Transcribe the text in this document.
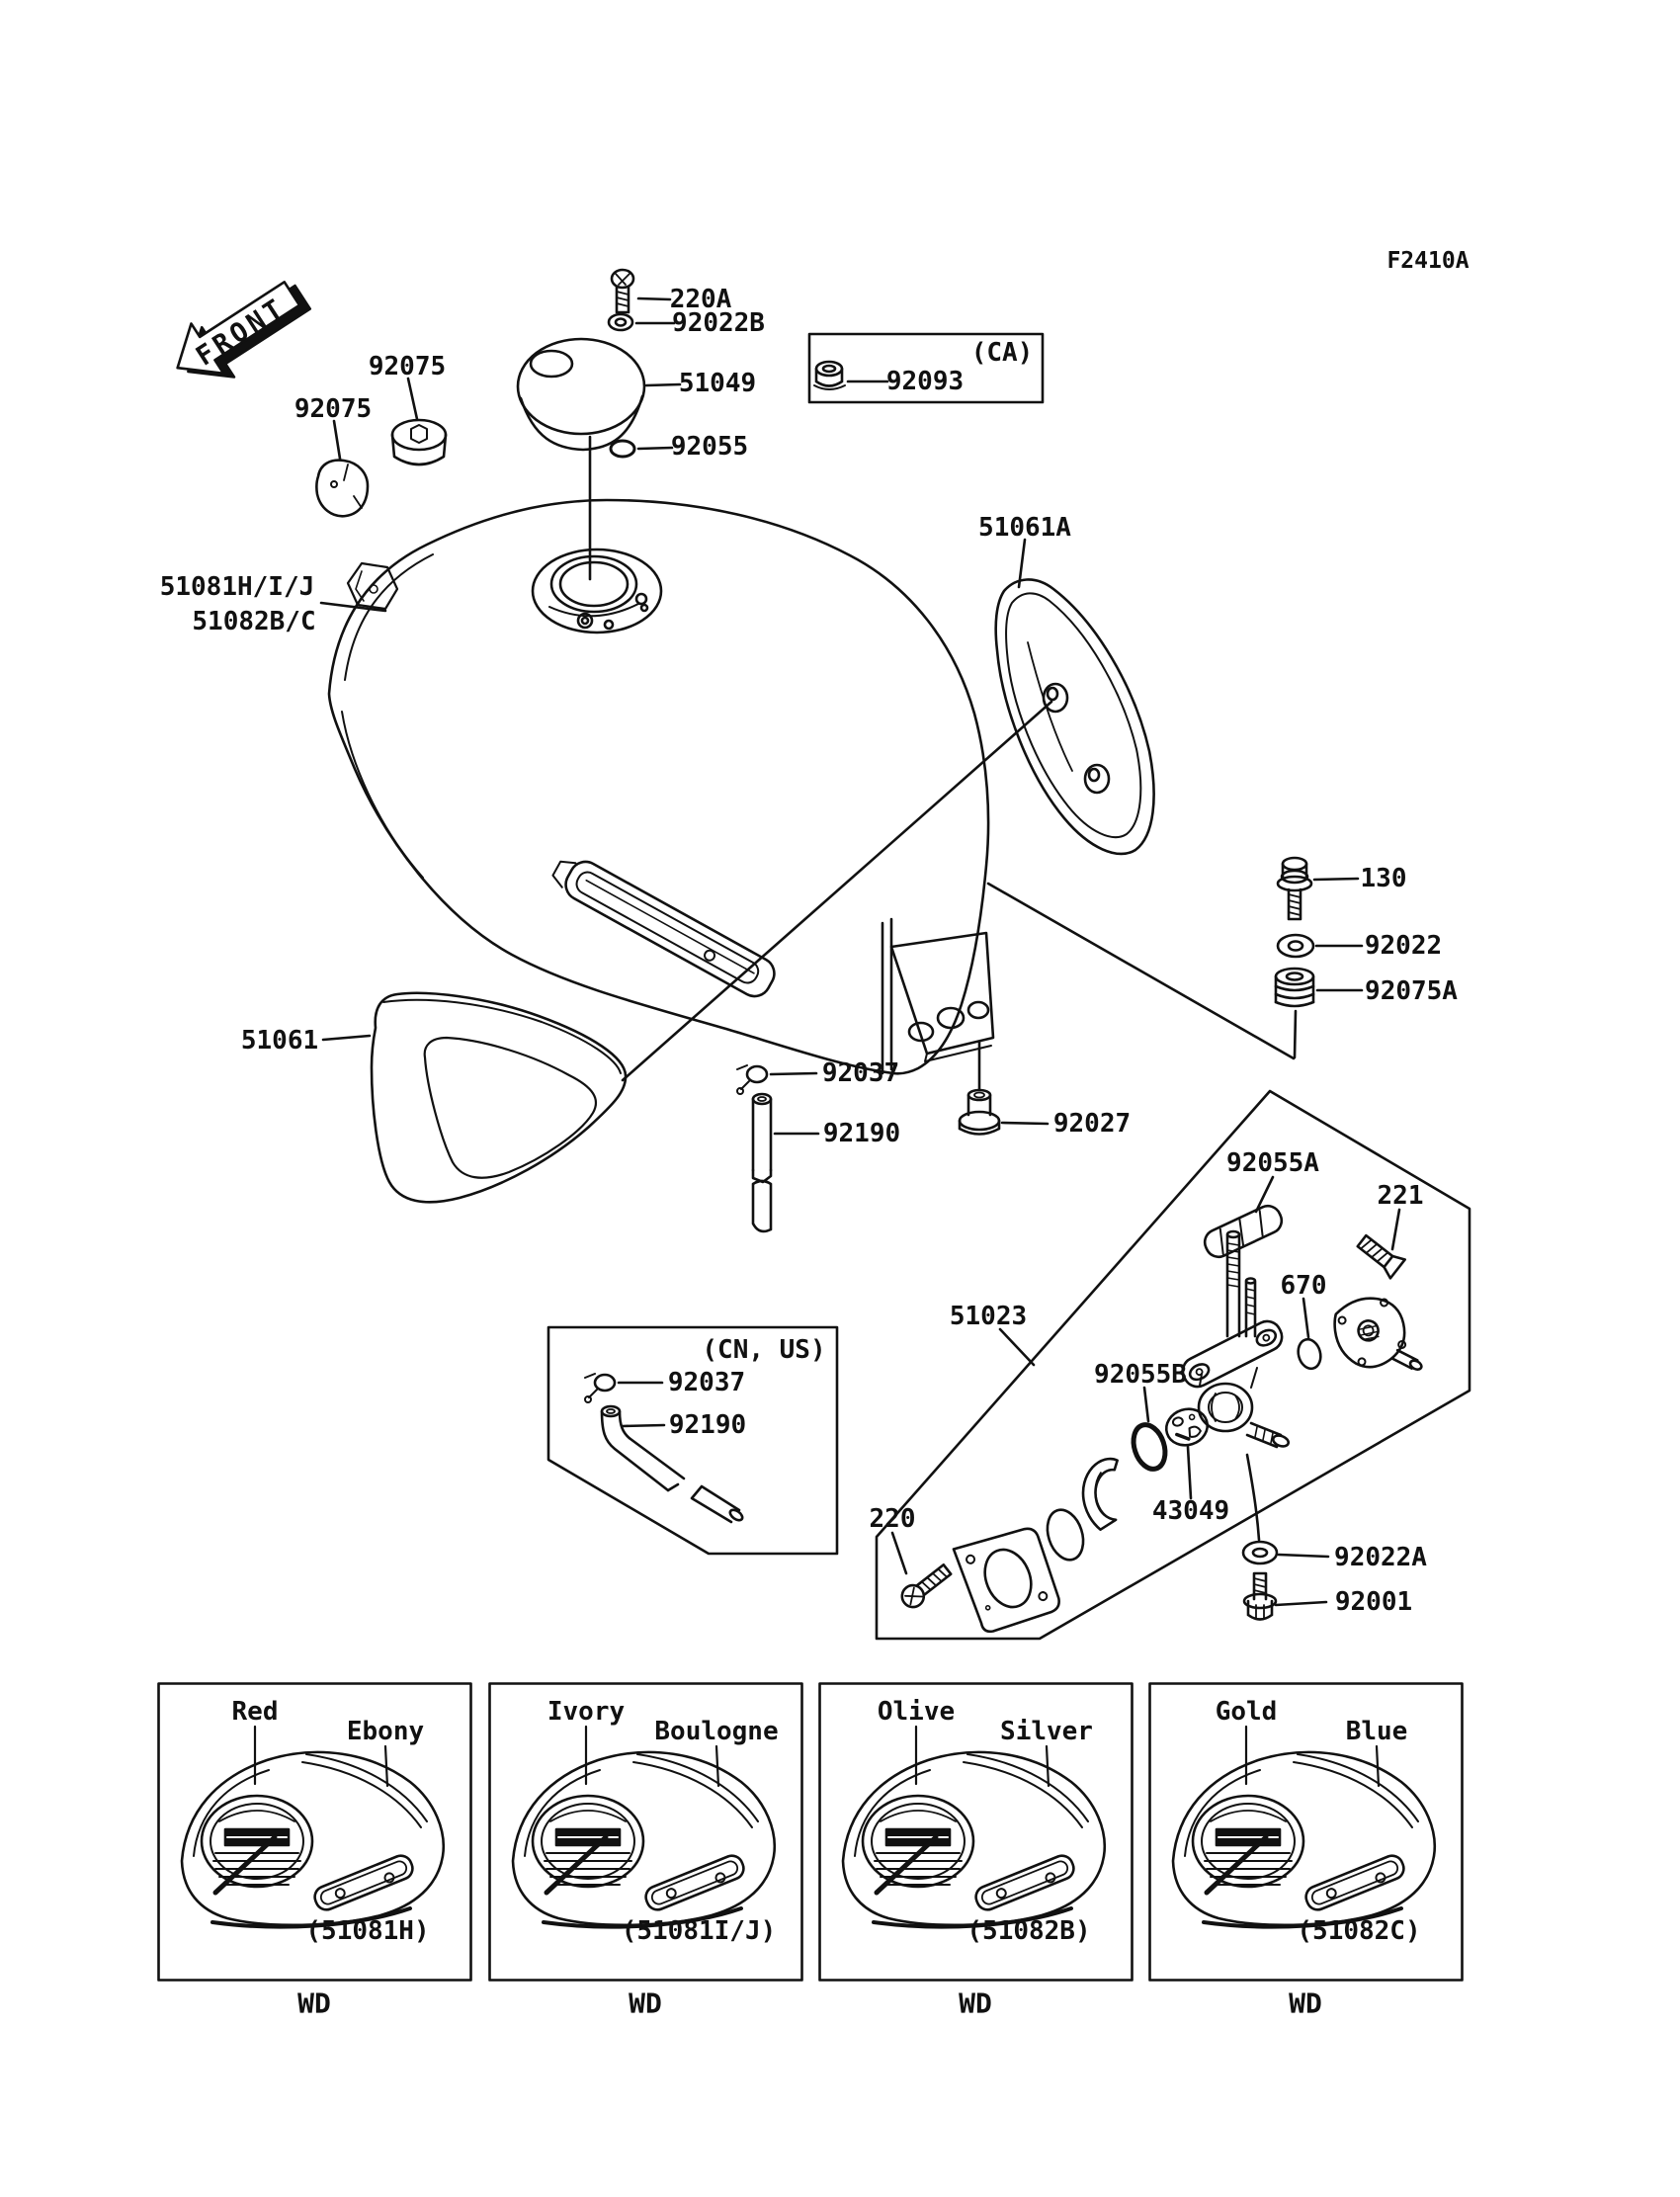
FRONT
F2410A
220A
92022B
51049
92055
(CA)
92093
51061A
92075
92075
51081H/I/J
51082B/C
51061
130
92022
92075A
92037
92190	92027
(CN, US)
92037
92190
51023
92055A
221
670
92055B
43049
220
92022A
92001
Red
Ebony
(51081H)
WD
Ivory
Boulogne
(51081I/J)
WD
Olive
Silver
(51082B)
WD
Gold
Blue
(51082C)
WD
